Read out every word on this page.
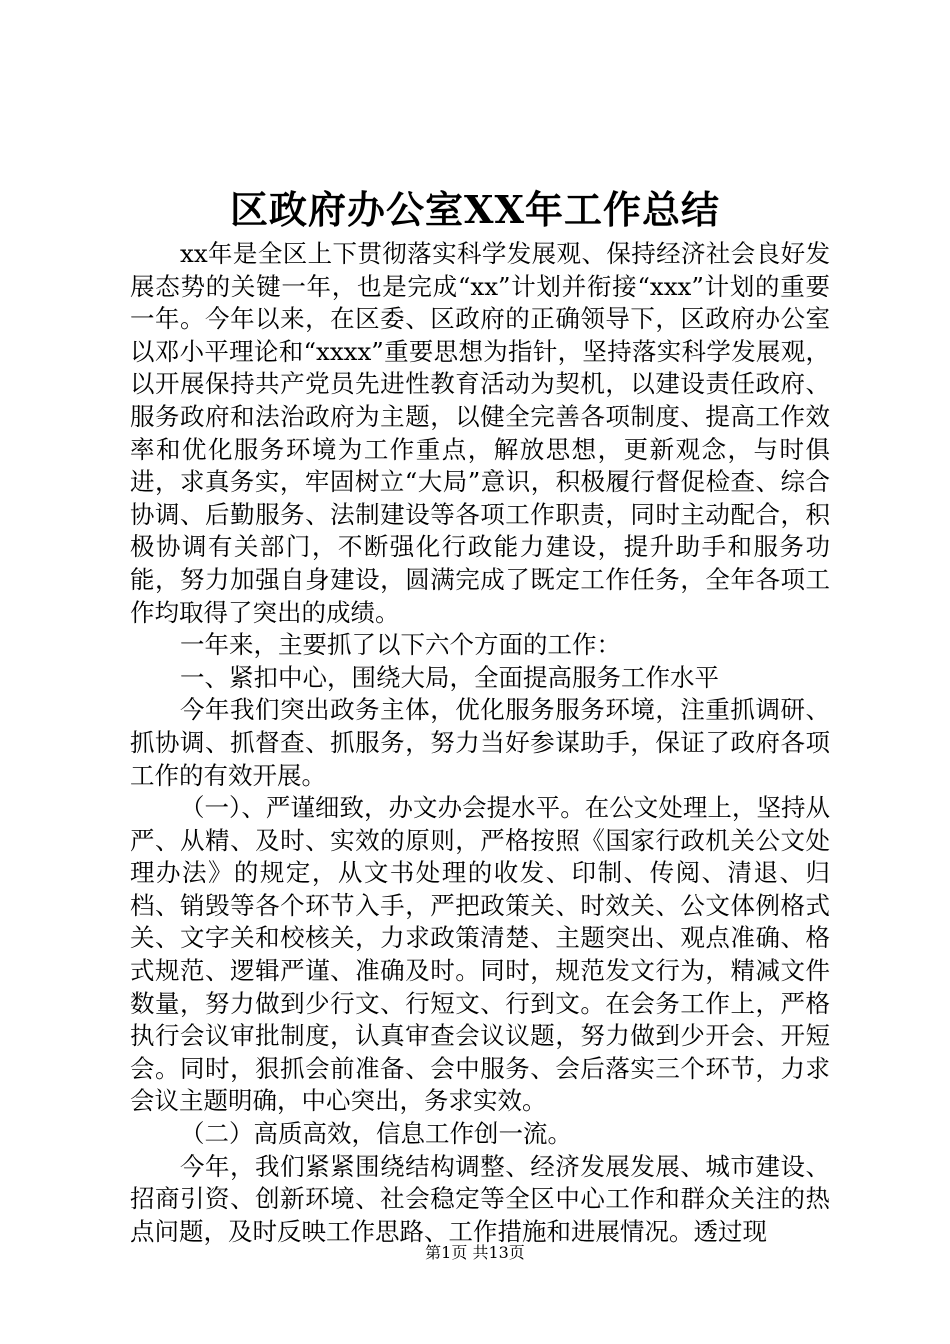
区政府办公室XX年工作总结

xx年是全区上下贯彻落实科学发展观、保持经济社会良好发展态势的关键一年，也是完成“xx”计划并衔接“xxx”计划的重要一年。今年以来，在区委、区政府的正确领导下，区政府办公室以邓小平理论和“xxxx”重要思想为指针，坚持落实科学发展观，以开展保持共产党员先进性教育活动为契机，以建设责任政府、服务政府和法治政府为主题，以健全完善各项制度、提高工作效率和优化服务环境为工作重点，解放思想，更新观念，与时俱进，求真务实，牢固树立“大局”意识，积极履行督促检查、综合协调、后勤服务、法制建设等各项工作职责，同时主动配合，积极协调有关部门，不断强化行政能力建设，提升助手和服务功能，努力加强自身建设，圆满完成了既定工作任务，全年各项工作均取得了突出的成绩。

一年来，主要抓了以下六个方面的工作：

一、紧扣中心，围绕大局，全面提高服务工作水平

今年我们突出政务主体，优化服务服务环境，注重抓调研、抓协调、抓督查、抓服务，努力当好参谋助手，保证了政府各项工作的有效开展。

（一）、严谨细致，办文办会提水平。在公文处理上，坚持从严、从精、及时、实效的原则，严格按照《国家行政机关公文处理办法》的规定，从文书处理的收发、印制、传阅、清退、归档、销毁等各个环节入手，严把政策关、时效关、公文体例格式关、文字关和校核关，力求政策清楚、主题突出、观点准确、格式规范、逻辑严谨、准确及时。同时，规范发文行为，精减文件数量，努力做到少行文、行短文、行到文。在会务工作上，严格执行会议审批制度，认真审查会议议题，努力做到少开会、开短会。同时，狠抓会前准备、会中服务、会后落实三个环节，力求会议主题明确，中心突出，务求实效。

（二）高质高效，信息工作创一流。

今年，我们紧紧围绕结构调整、经济发展发展、城市建设、招商引资、创新环境、社会稳定等全区中心工作和群众关注的热点问题，及时反映工作思路、工作措施和进展情况。透过现

第1页 共13页
